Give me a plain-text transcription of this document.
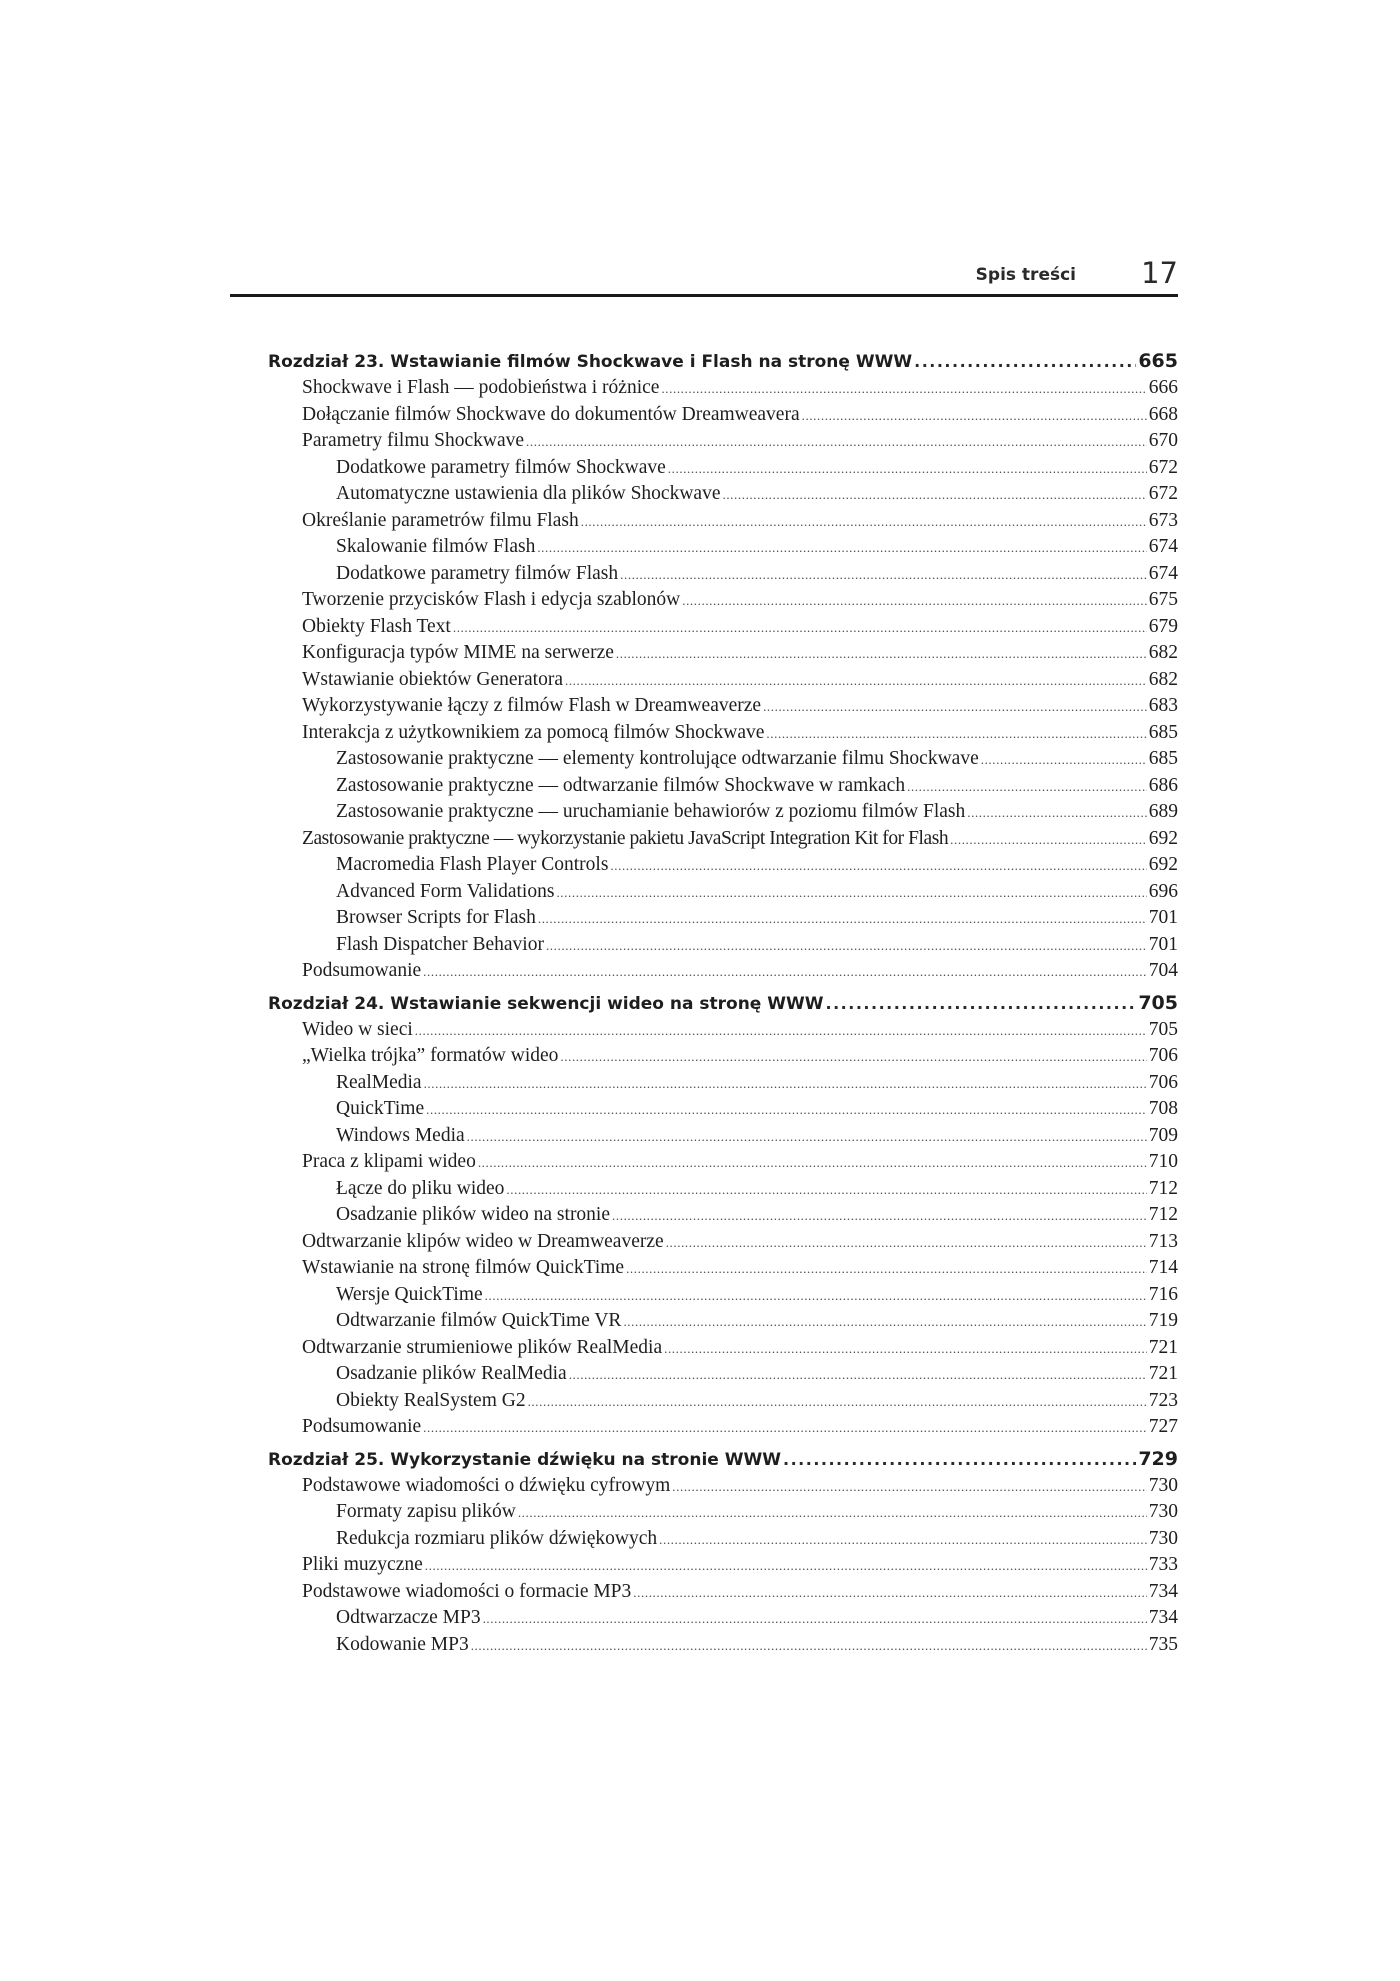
Spis treści 17
Rozdział 23. Wstawianie filmów Shockwave i Flash na stronę WWW .....	665
Shockwave i Flash — podobieństwa i różnice .....	666
Dołączanie filmów Shockwave do dokumentów Dreamweavera .....	668
Parametry filmu Shockwave .....	670
Dodatkowe parametry filmów Shockwave .....	672
Automatyczne ustawienia dla plików Shockwave .....	672
Określanie parametrów filmu Flash .....	673
Skalowanie filmów Flash .....	674
Dodatkowe parametry filmów Flash .....	674
Tworzenie przycisków Flash i edycja szablonów .....	675
Obiekty Flash Text .....	679
Konfiguracja typów MIME na serwerze .....	682
Wstawianie obiektów Generatora .....	682
Wykorzystywanie łączy z filmów Flash w Dreamweaverze .....	683
Interakcja z użytkownikiem za pomocą filmów Shockwave .....	685
Zastosowanie praktyczne — elementy kontrolujące odtwarzanie filmu Shockwave .....	685
Zastosowanie praktyczne — odtwarzanie filmów Shockwave w ramkach .....	686
Zastosowanie praktyczne — uruchamianie behawiorów z poziomu filmów Flash .....	689
Zastosowanie praktyczne — wykorzystanie pakietu JavaScript Integration Kit for Flash .....	692
Macromedia Flash Player Controls .....	692
Advanced Form Validations .....	696
Browser Scripts for Flash .....	701
Flash Dispatcher Behavior .....	701
Podsumowanie .....	704
Rozdział 24. Wstawianie sekwencji wideo na stronę WWW .....	705
Wideo w sieci .....	705
„Wielka trójka” formatów wideo .....	706
RealMedia .....	706
QuickTime .....	708
Windows Media .....	709
Praca z klipami wideo .....	710
Łącze do pliku wideo .....	712
Osadzanie plików wideo na stronie .....	712
Odtwarzanie klipów wideo w Dreamweaverze .....	713
Wstawianie na stronę filmów QuickTime .....	714
Wersje QuickTime .....	716
Odtwarzanie filmów QuickTime VR .....	719
Odtwarzanie strumieniowe plików RealMedia .....	721
Osadzanie plików RealMedia .....	721
Obiekty RealSystem G2 .....	723
Podsumowanie .....	727
Rozdział 25. Wykorzystanie dźwięku na stronie WWW .....	729
Podstawowe wiadomości o dźwięku cyfrowym .....	730
Formaty zapisu plików .....	730
Redukcja rozmiaru plików dźwiękowych .....	730
Pliki muzyczne .....	733
Podstawowe wiadomości o formacie MP3 .....	734
Odtwarzacze MP3 .....	734
Kodowanie MP3 .....	735
